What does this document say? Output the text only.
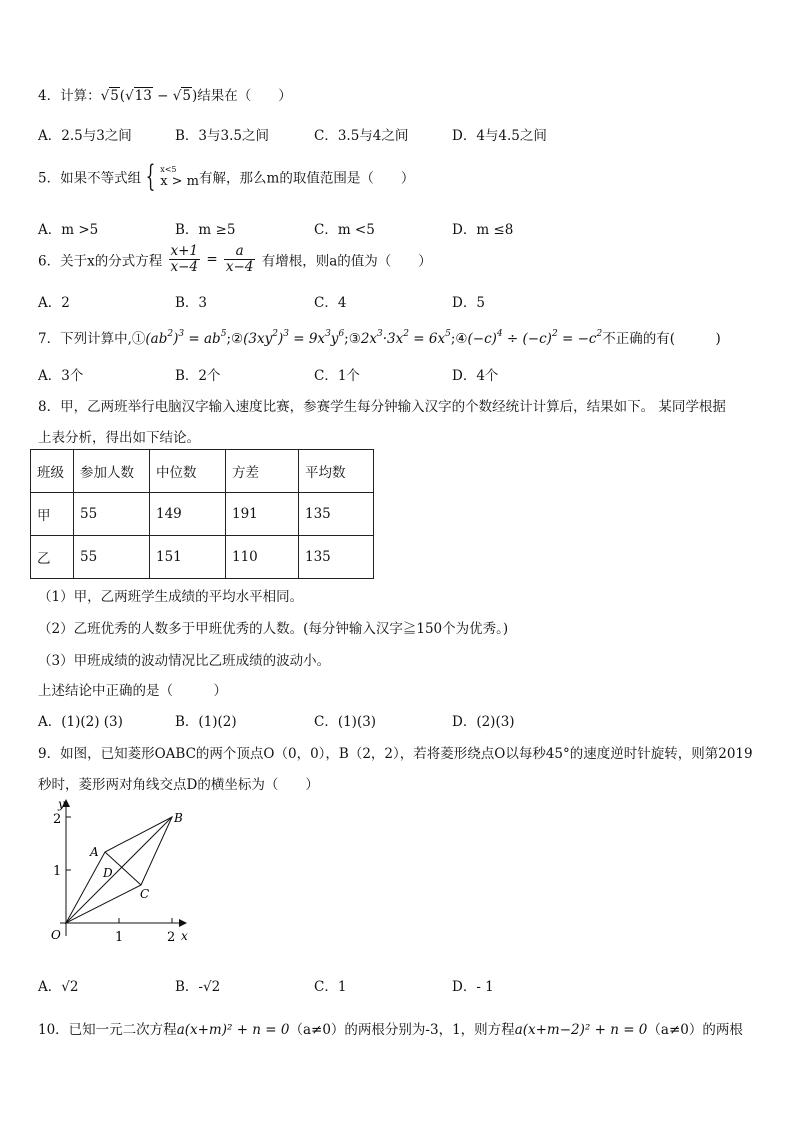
4．计算：√5(√13 − √5)结果在（　　）
A．2.5与3之间	B．3与3.5之间	C．3.5与4之间	D．4与4.5之间
5．如果不等式组 { x<5
x > m 有解，那么m的取值范围是（　　）
A．m >5	B．m ≥5	C．m <5	D．m ≤8
6．关于x的分式方程 $\frac{x+1}{x-4} = \frac{a}{x-4}$ 有增根，则a的值为（　　）
A．2	B．3	C．4	D．5
7．下列计算中$,①(ab^2)^3$ = $ab^5;②(3xy^2)^3$ = $9x^3y^6;③2x^3\cdot 3x^2$ = $6x^5;④(-c)^4 \div (-c)^2 = -c^2$不正确的有(　　　)
A．3个	B．2个	C．1个	D．4个
8．甲，乙两班举行电脑汉字输入速度比赛，参赛学生每分钟输入汉字的个数经统计计算后，结果如下。 某同学根据
上表分析，得出如下结论。
班级	参加人数	中位数	方差	平均数
甲	55	149	191	135
乙	55	151	110	135
（1）甲，乙两班学生成绩的平均水平相同。
（2）乙班优秀的人数多于甲班优秀的人数。(每分钟输入汉字≧150个为优秀。)
（3）甲班成绩的波动情况比乙班成绩的波动小。
上述结论中正确的是（　　　）
A．(1)(2) (3)	B．(1)(2)	C．(1)(3)	D．(2)(3)
9．如图，已知菱形OABC的两个顶点O（0，0），B（2，2），若将菱形绕点O以每秒45°的速度逆时针旋转，则第2019
秒时，菱形两对角线交点D的横坐标为（　　）
y
x
1	2
1
2
O
A
B
C
D
A．√2	B．-√2	C．1	D．- 1
10．已知一元二次方程a(x+m)² + n = 0（a≠0）的两根分别为-3，1，则方程a(x+m−2)² + n = 0（a≠0）的两根
